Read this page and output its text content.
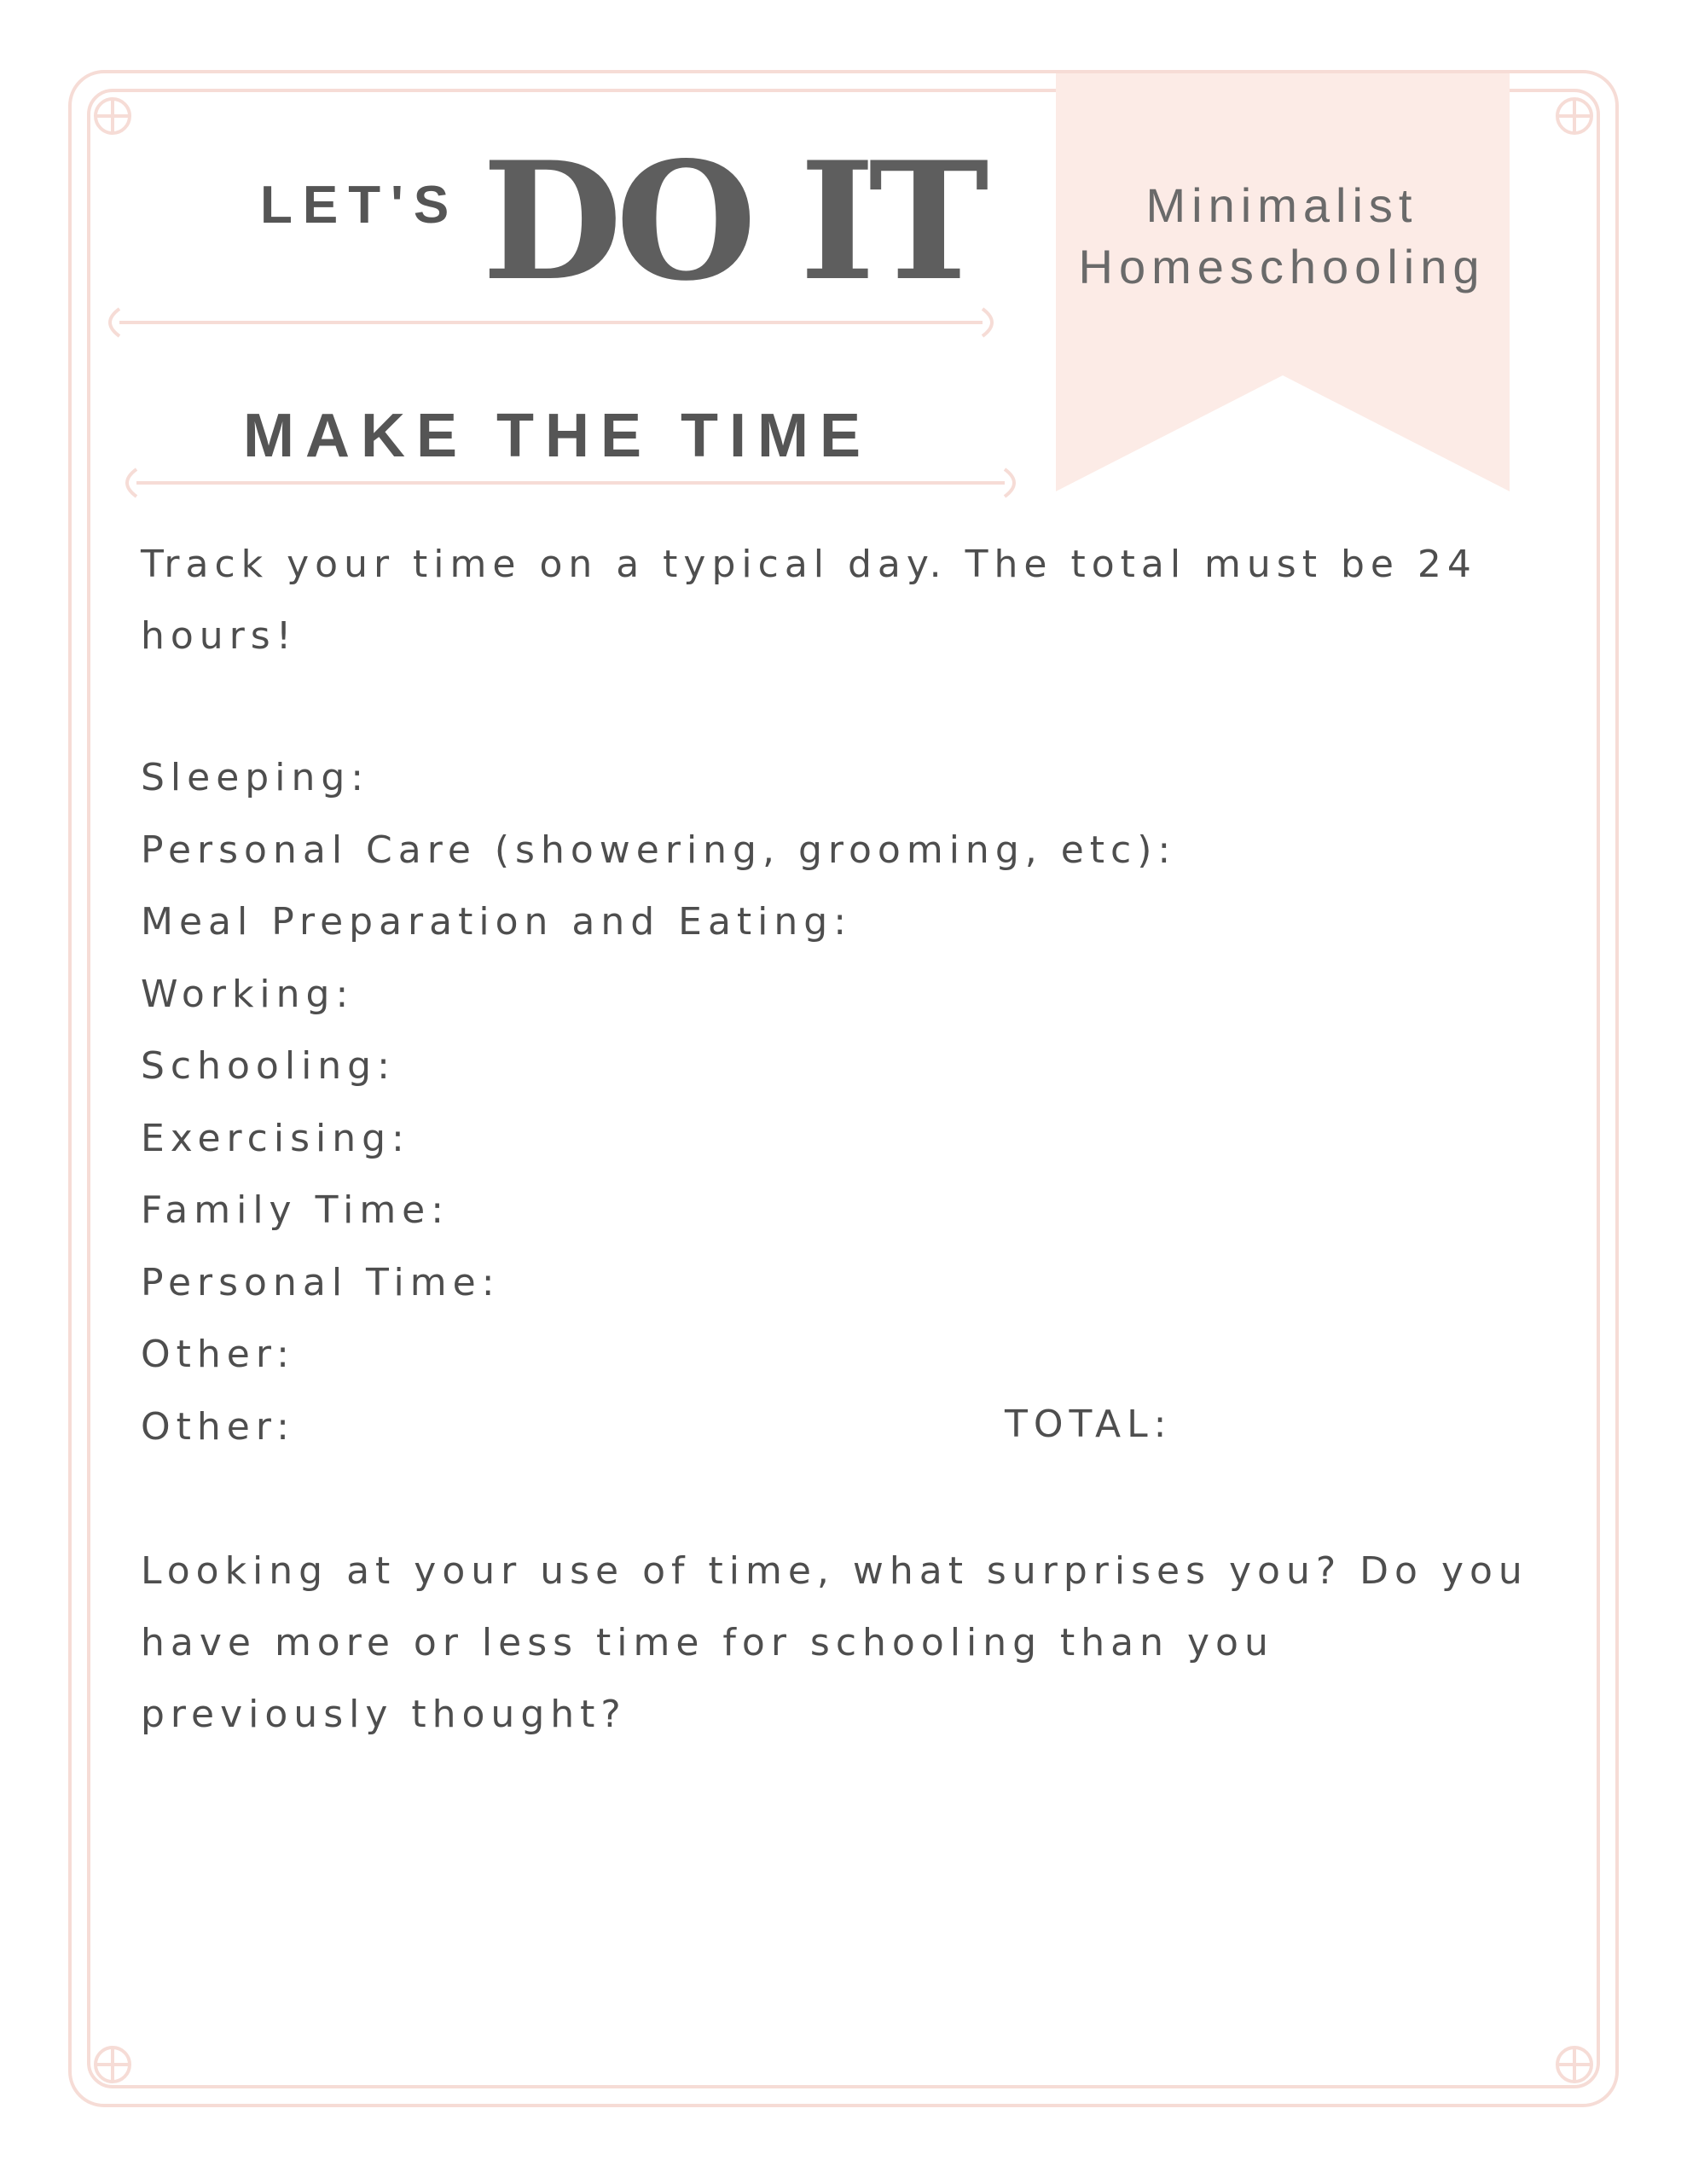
Minimalist
Homeschooling
LET'S DO IT
MAKE THE TIME
Track your time on a typical day. The total must be 24 hours!
Sleeping:
Personal Care (showering, grooming, etc):
Meal Preparation and Eating:
Working:
Schooling:
Exercising:
Family Time:
Personal Time:
Other:
Other:	TOTAL:
Looking at your use of time, what surprises you? Do you have more or less time for schooling than you previously thought?
